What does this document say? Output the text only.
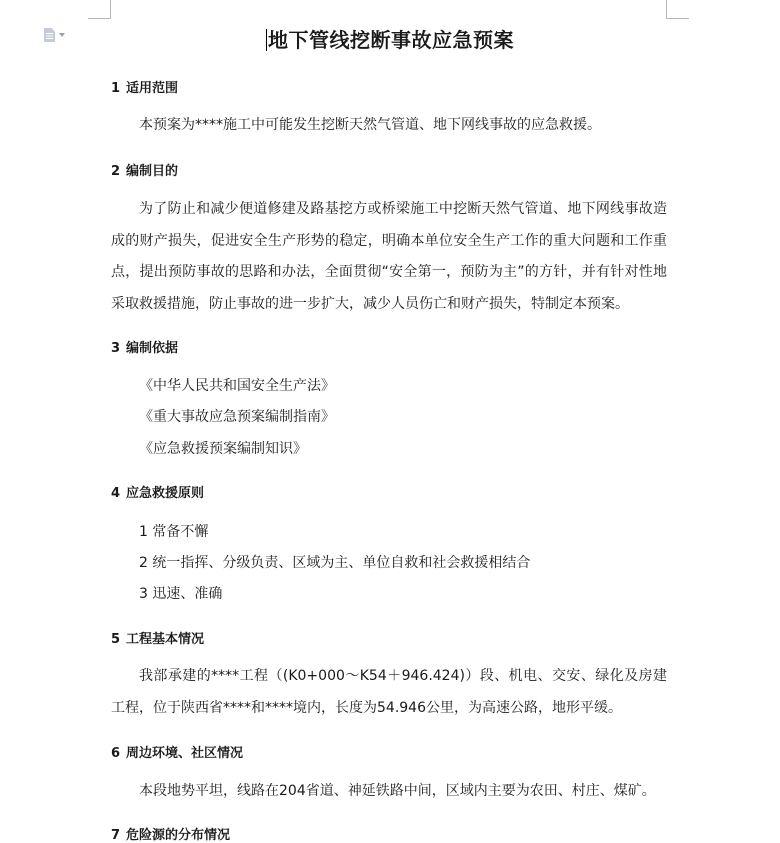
地下管线挖断事故应急预案
1 适用范围

本预案为****施工中可能发生挖断天然气管道、地下网线事故的应急救援。

2 编制目的

为了防止和减少便道修建及路基挖方或桥梁施工中挖断天然气管道、地下网线事故造成的财产损失，促进安全生产形势的稳定，明确本单位安全生产工作的重大问题和工作重点，提出预防事故的思路和办法，全面贯彻“安全第一，预防为主”的方针，并有针对性地采取救援措施，防止事故的进一步扩大，减少人员伤亡和财产损失，特制定本预案。

3 编制依据

《中华人民共和国安全生产法》

《重大事故应急预案编制指南》

《应急救援预案编制知识》

4 应急救援原则

1 常备不懈

2 统一指挥、分级负责、区域为主、单位自救和社会救援相结合

3 迅速、准确

5 工程基本情况

我部承建的****工程（(K0+000～K54＋946.424)）段、机电、交安、绿化及房建工程，位于陕西省****和****境内，长度为54.946公里，为高速公路，地形平缓。

6 周边环境、社区情况

本段地势平坦，线路在204省道、神延铁路中间，区域内主要为农田、村庄、煤矿。

7 危险源的分布情况
